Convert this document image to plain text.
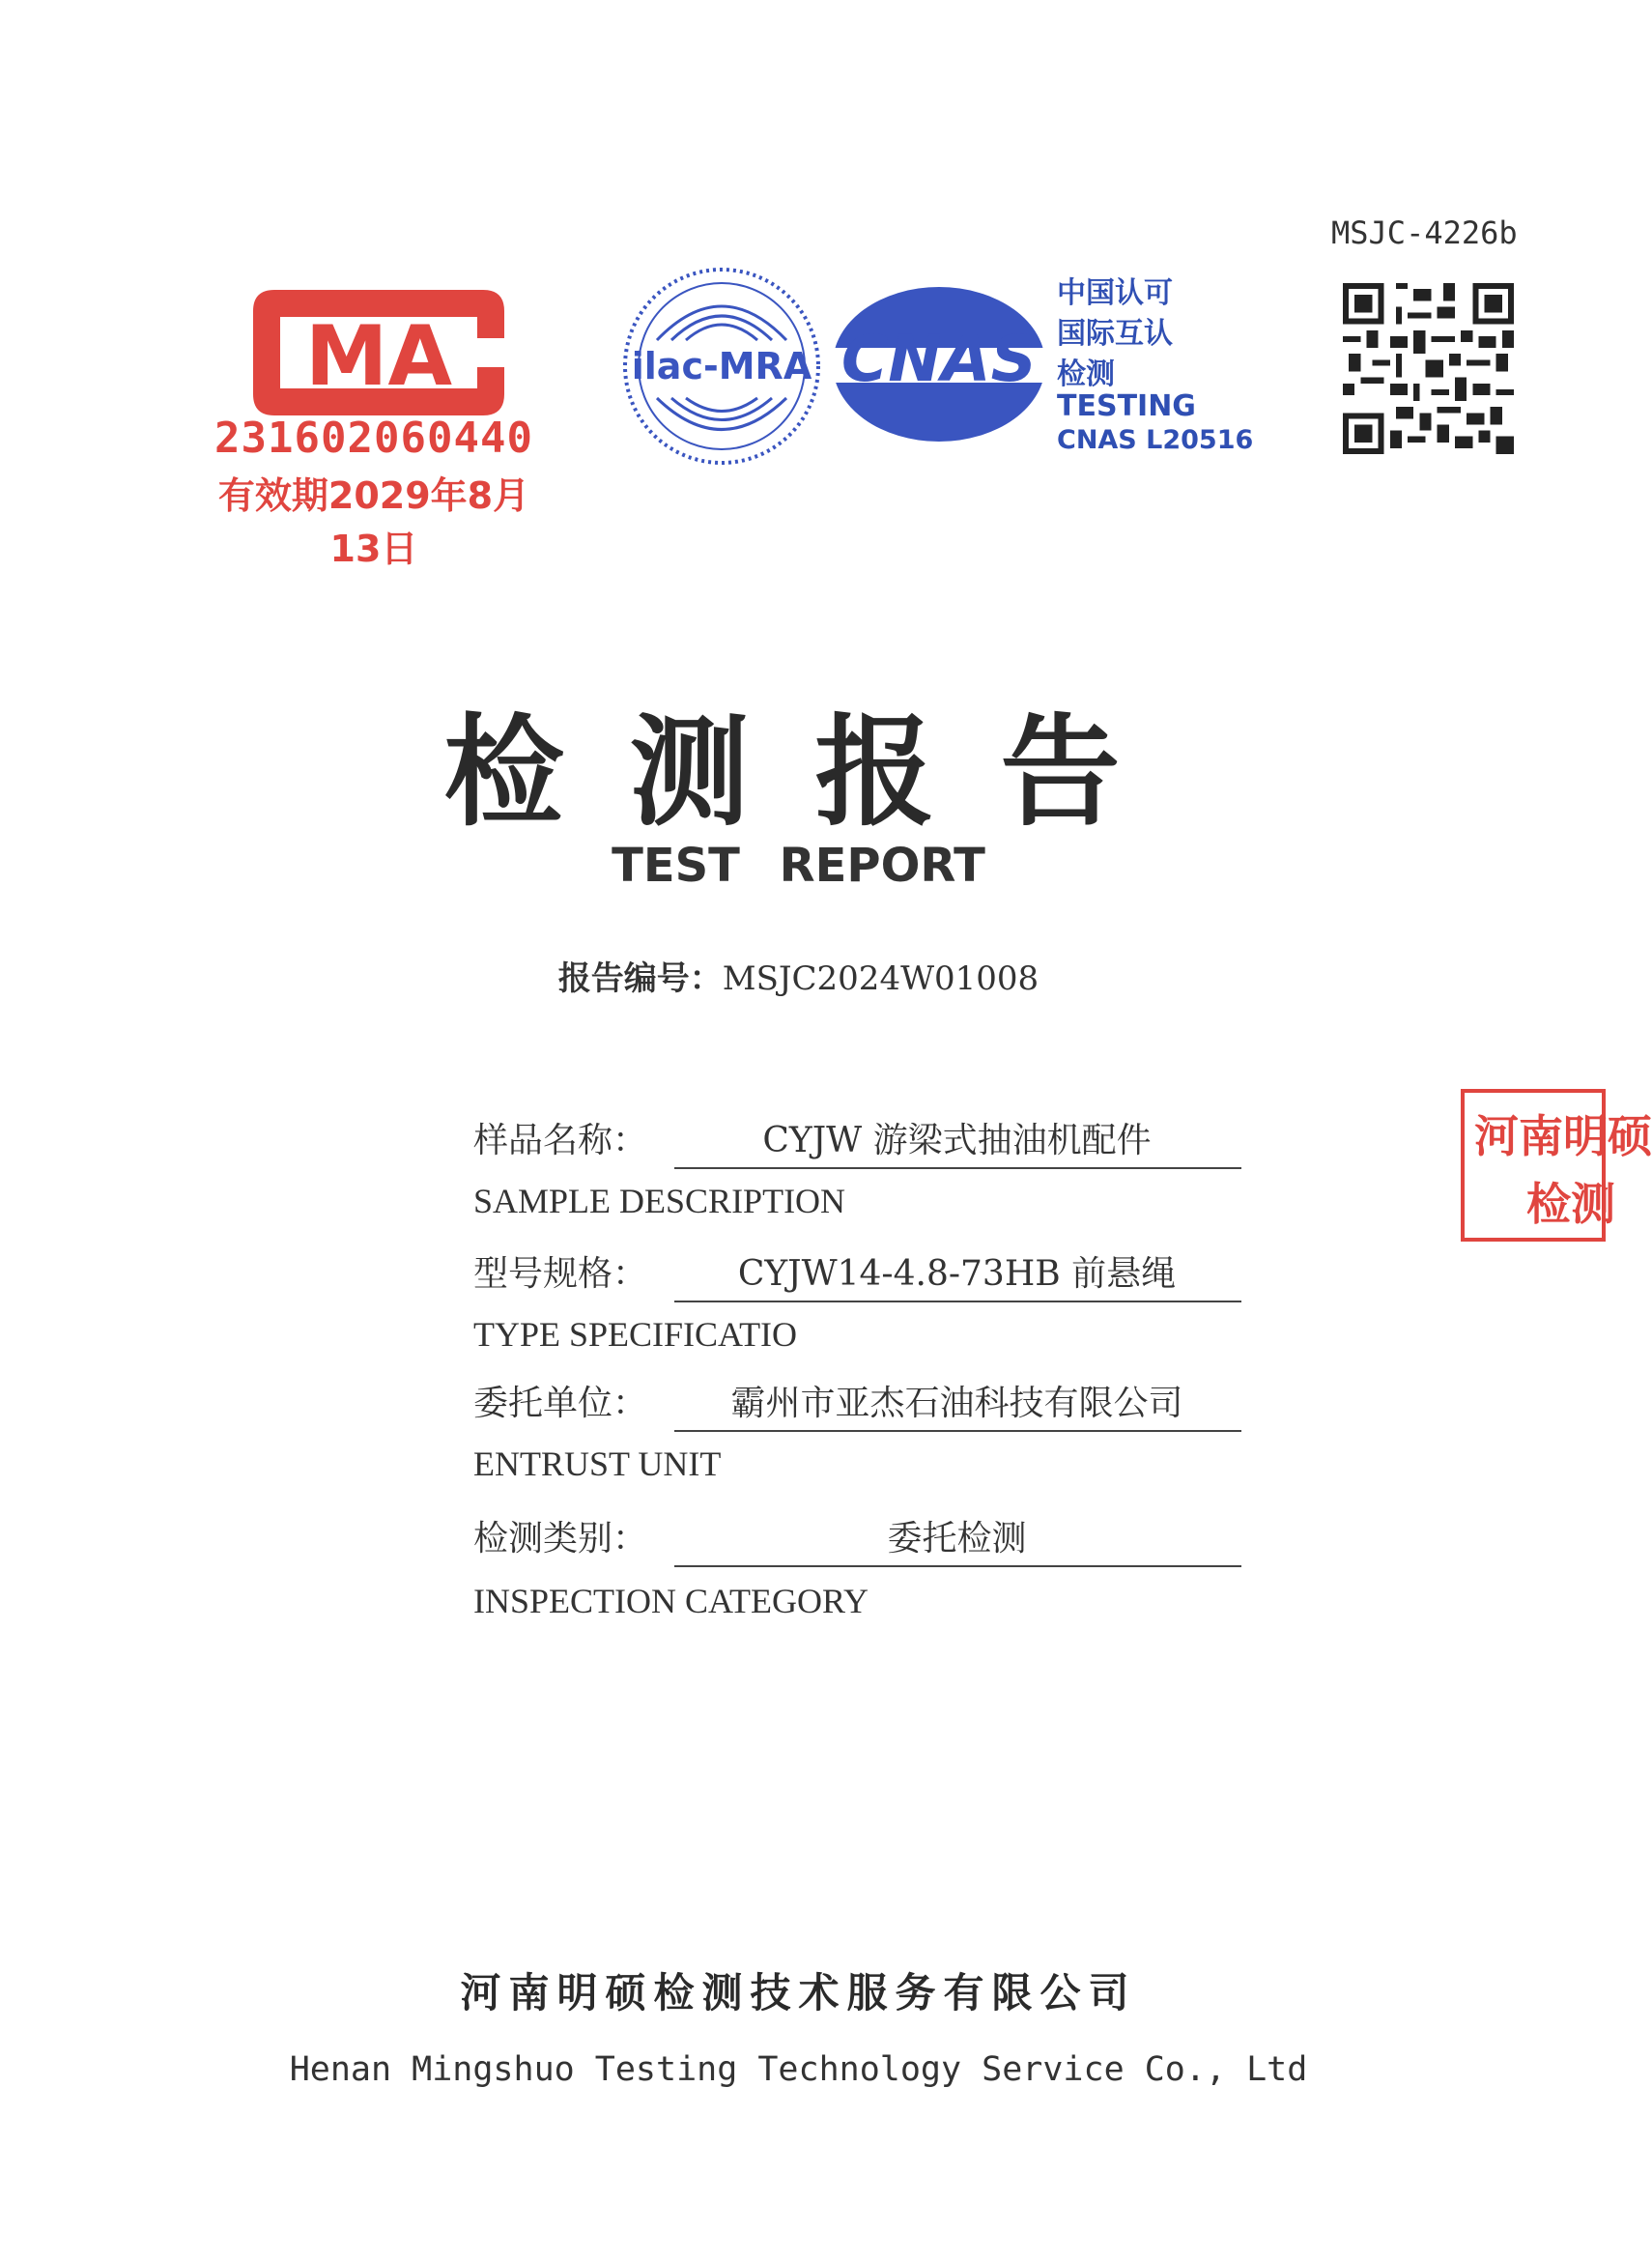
MSJC-4226b
MA
231602060440
有效期2029年8月13日
ilac-MRA CNAS
中国认可
国际互认
检测
TESTING
CNAS L20516
检测报告
TEST REPORT
报告编号：MSJC2024W01008
样品名称：	CYJW 游梁式抽油机配件
SAMPLE DESCRIPTION
型号规格：	CYJW14-4.8-73HB 前悬绳
TYPE SPECIFICATIO
委托单位：	霸州市亚杰石油科技有限公司
ENTRUST UNIT
检测类别：	委托检测
INSPECTION CATEGORY
河南明硕检测技术服务有限公司
Henan Mingshuo Testing Technology Service Co., Ltd
河南明硕
检测
